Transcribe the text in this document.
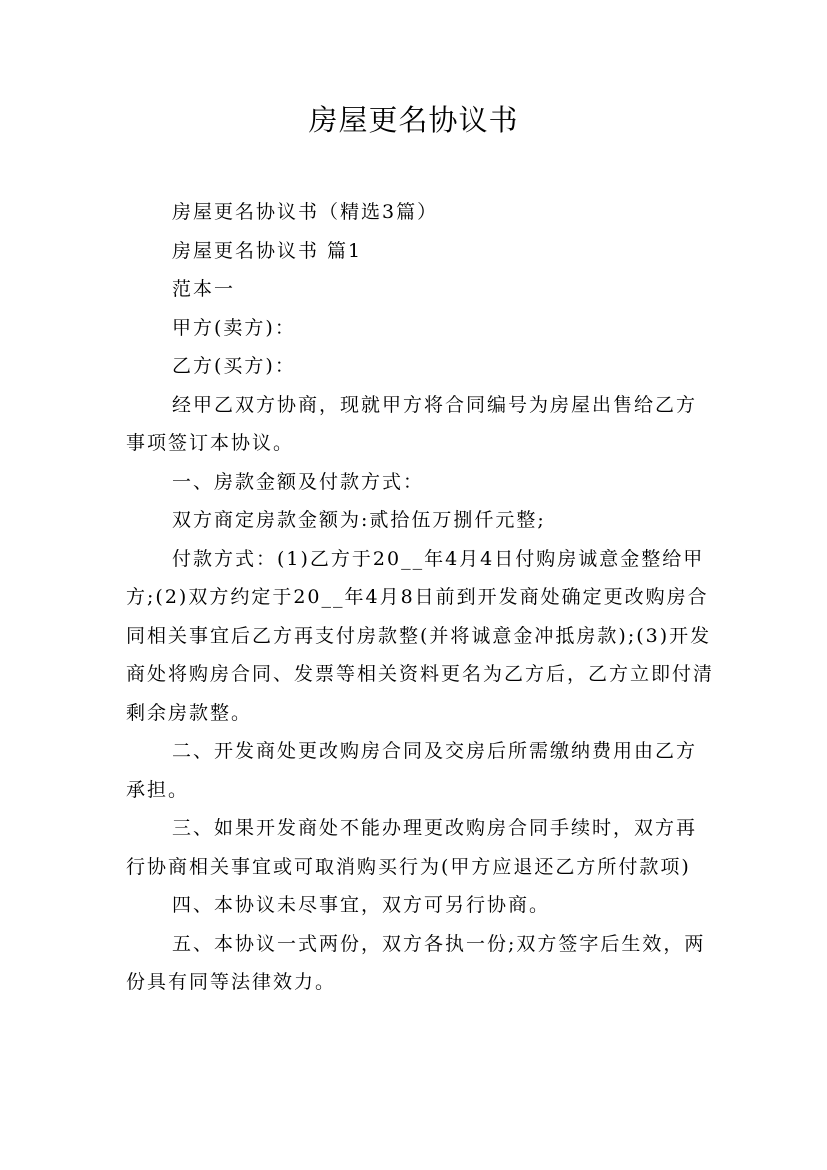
房屋更名协议书

房屋更名协议书（精选3篇）

房屋更名协议书 篇1

范本一

甲方(卖方)：

乙方(买方)：

经甲乙双方协商，现就甲方将合同编号为房屋出售给乙方事项签订本协议。

一、房款金额及付款方式：

双方商定房款金额为:贰拾伍万捌仟元整;

付款方式：(1)乙方于20__年4月4日付购房诚意金整给甲方;(2)双方约定于20__年4月8日前到开发商处确定更改购房合同相关事宜后乙方再支付房款整(并将诚意金冲抵房款);(3)开发商处将购房合同、发票等相关资料更名为乙方后，乙方立即付清剩余房款整。

二、开发商处更改购房合同及交房后所需缴纳费用由乙方承担。

三、如果开发商处不能办理更改购房合同手续时，双方再行协商相关事宜或可取消购买行为(甲方应退还乙方所付款项)

四、本协议未尽事宜，双方可另行协商。

五、本协议一式两份，双方各执一份;双方签字后生效，两份具有同等法律效力。
